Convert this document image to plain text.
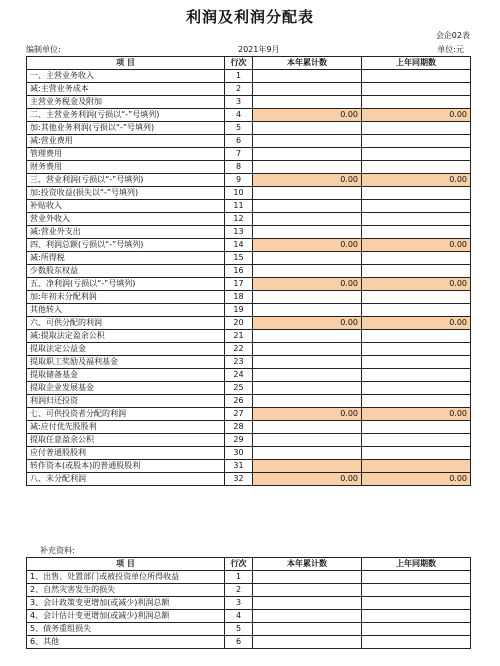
利润及利润分配表
会企02表
编制单位:	2021年9月	单位:元
项 目	行次	本年累计数	上年同期数
一、主营业务收入	1		
减:主营业务成本	2		
主营业务税金及附加	3		
二、主营业务利润(亏损以“-”号填列)	4	0.00	0.00
加:其他业务利润(亏损以“-”号填列)	5		
减:营业费用	6		
管理费用	7		
财务费用	8		
三、营业利润(亏损以“-”号填列)	9	0.00	0.00
加:投资收益(损失以“-”号填列)	10		
补贴收入	11		
营业外收入	12		
减:营业外支出	13		
四、利润总额(亏损以“-”号填列)	14	0.00	0.00
减:所得税	15		
少数股东权益	16		
五、净利润(亏损以“-”号填列)	17	0.00	0.00
加:年初未分配利润	18		
其他转入	19		
六、可供分配的利润	20	0.00	0.00
减:提取法定盈余公积	21		
提取法定公益金	22		
提取职工奖励及福利基金	23		
提取储备基金	24		
提取企业发展基金	25		
利润归还投资	26		
七、可供投资者分配的利润	27	0.00	0.00
减:应付优先股股利	28		
提取任意盈余公积	29		
应付普通股股利	30		
转作资本(或股本)的普通股股利	31		
八、未分配利润	32	0.00	0.00
补充资料:
项 目	行次	本年累计数	上年同期数
1、出售、处置部门或被投资单位所得收益	1		
2、自然灾害发生的损失	2		
3、会计政策变更增加(或减少)利润总额	3		
4、会计估计变更增加(或减少)利润总额	4		
5、债务重组损失	5		
6、其他	6		
